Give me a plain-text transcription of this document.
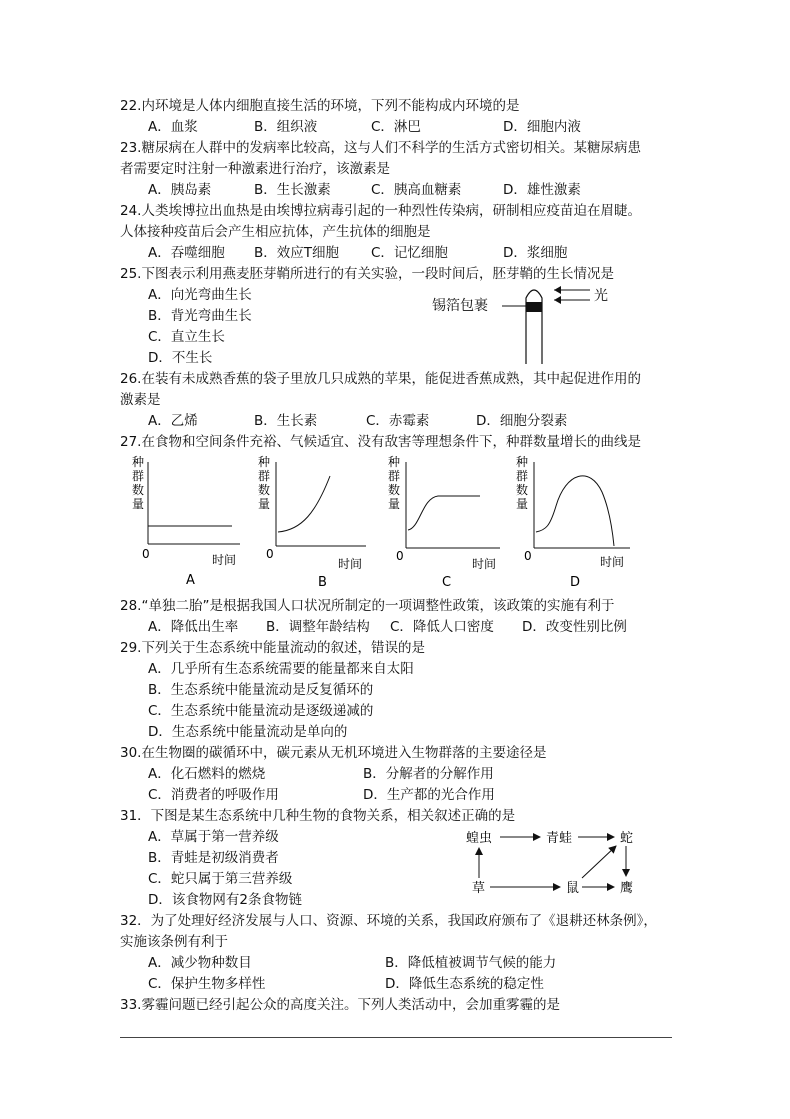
22.内环境是人体内细胞直接生活的环境，下列不能构成内环境的是
A．血浆	B．组织液	C．淋巴	D．细胞内液
23.糖尿病在人群中的发病率比较高，这与人们不科学的生活方式密切相关。某糖尿病患
者需要定时注射一种激素进行治疗，该激素是
A．胰岛素	B．生长激素	C．胰高血糖素	D．雄性激素
24.人类埃博拉出血热是由埃博拉病毒引起的一种烈性传染病，研制相应疫苗迫在眉睫。
人体接种疫苗后会产生相应抗体，产生抗体的细胞是
A．吞噬细胞 B．效应T细胞 C．记忆细胞	D．浆细胞
25.下图表示利用燕麦胚芽鞘所进行的有关实验，一段时间后，胚芽鞘的生长情况是
A．向光弯曲生长
B．背光弯曲生长
C．直立生长
D．不生长
锡箔包裹
光
26.在装有未成熟香蕉的袋子里放几只成熟的苹果，能促进香蕉成熟，其中起促进作用的
激素是
A．乙烯	B．生长素	C．赤霉素	D．细胞分裂素
27.在食物和空间条件充裕、气候适宜、没有敌害等理想条件下，种群数量增长的曲线是
种
群
数
量
0	时间
A
种
群
数
量
0
时间
B
种
群
数
量
0
时间
C
种
群
数
量
0	时间
D
28.“单独二胎”是根据我国人口状况所制定的一项调整性政策，该政策的实施有利于
A．降低出生率 B．调整年龄结构 C．降低人口密度 D．改变性别比例
29.下列关于生态系统中能量流动的叙述，错误的是
A．几乎所有生态系统需要的能量都来自太阳
B．生态系统中能量流动是反复循环的
C．生态系统中能量流动是逐级递减的
D．生态系统中能量流动是单向的
30.在生物圈的碳循环中，碳元素从无机环境进入生物群落的主要途径是
A．化石燃料的燃烧	B．分解者的分解作用
C．消费者的呼吸作用	D．生产都的光合作用
31．下图是某生态系统中几种生物的食物关系，相关叙述正确的是
A．草属于第一营养级
B．青蛙是初级消费者
C．蛇只属于第三营养级
D．该食物网有2条食物链
蝗虫	青蛙	蛇
草	鼠	鹰
32．为了处理好经济发展与人口、资源、环境的关系，我国政府颁布了《退耕还林条例》，
实施该条例有利于
A．减少物种数目	B．降低植被调节气候的能力
C．保护生物多样性	D．降低生态系统的稳定性
33.雾霾问题已经引起公众的高度关注。下列人类活动中，会加重雾霾的是
